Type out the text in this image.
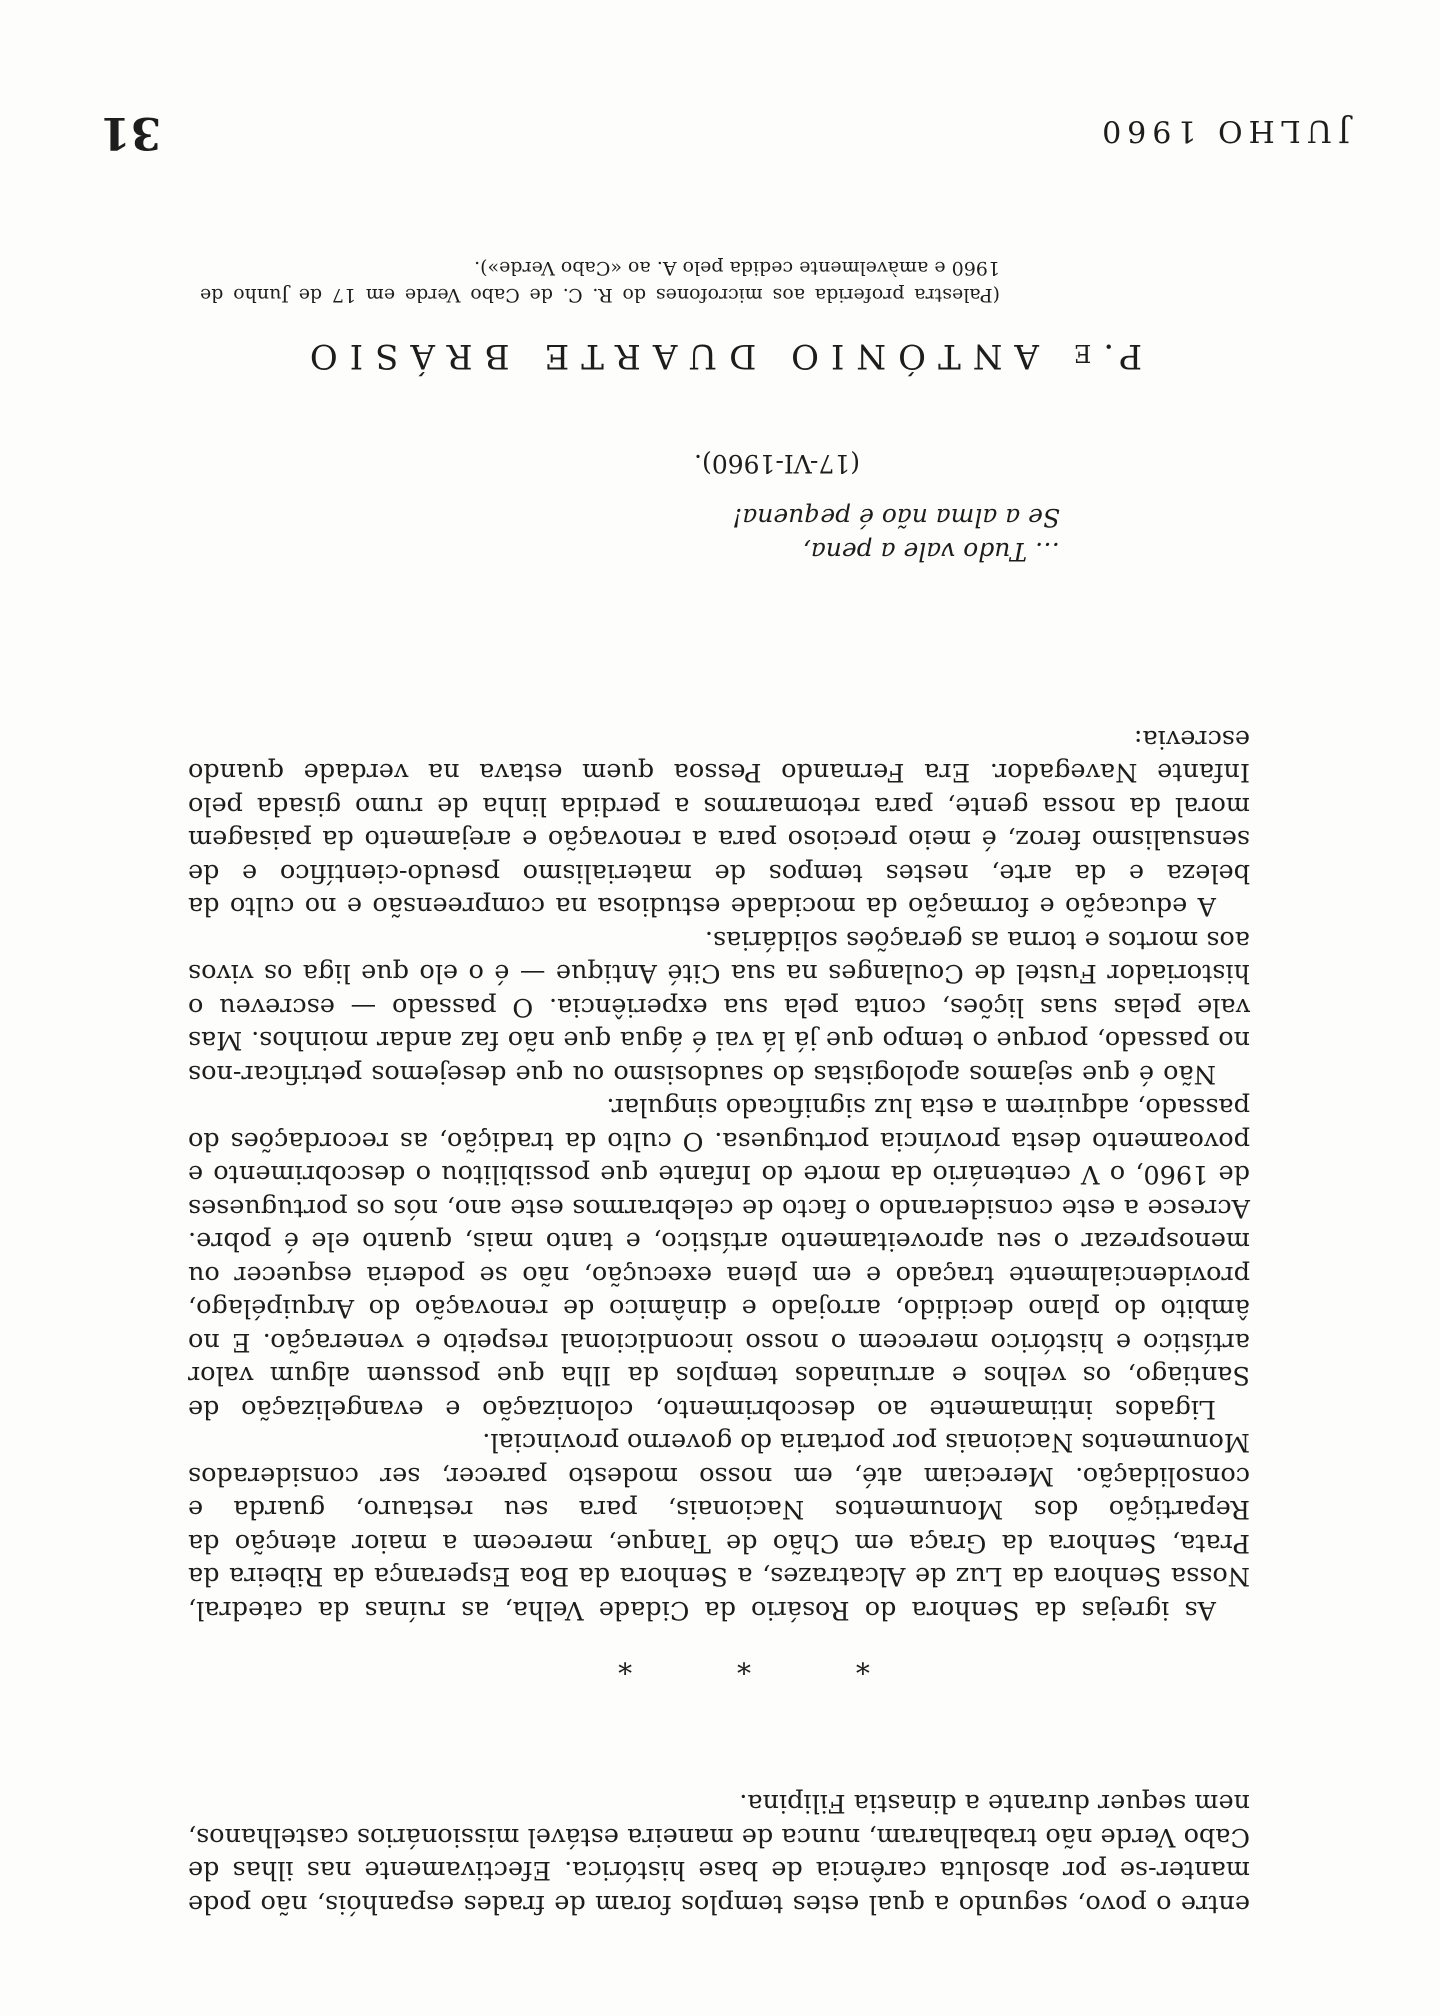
JULHO 1960
31

entre o povo, segundo a qual estes templos foram de frades espanhóis, não pode manter-se por absoluta carência de base histórica. Efectivamente nas ilhas de Cabo Verde não trabalharam, nunca de maneira estável missionários castelhanos, nem sequer durante a dinastia Filipina.

* * *

As igrejas da Senhora do Rosário da Cidade Velha, as ruínas da catedral, Nossa Senhora da Luz de Alcatrazes, a Senhora da Boa Esperança da Ribeira da Prata, Senhora da Graça em Chão de Tanque, merecem a maior atenção da Repartição dos Monumentos Nacionais, para seu restauro, guarda e consolidação. Mereciam até, em nosso modesto parecer, ser considerados Monumentos Nacionais por portaria do governo provincial.

Ligados intimamente ao descobrimento, colonização e evangelização de Santiago, os velhos e arruinados templos da Ilha que possuem algum valor artístico e histórico merecem o nosso incondicional respeito e veneração. E no âmbito do plano decidido, arrojado e dinâmico de renovação do Arquipélago, providencialmente traçado e em plena execução, não se poderia esquecer ou menosprezar o seu aproveitamento artístico, e tanto mais, quanto ele é pobre. Acresce a este considerando o facto de celebrarmos este ano, nós os portugueses de 1960, o V centenário da morte do Infante que possibilitou o descobrimento e povoamento desta província portuguesa. O culto da tradição, as recordações do passado, adquirem a esta luz significado singular.

Não é que sejamos apologistas do saudosismo ou que desejemos petrificar-nos no passado, porque o tempo que já lá vai é água que não faz andar moinhos. Mas vale pelas suas lições, conta pela sua experiência. O passado — escreveu o historiador Fustel de Coulanges na sua Cité Antique — é o elo que liga os vivos aos mortos e torna as gerações solidárias.

A educação e formação da mocidade estudiosa na compreensão e no culto da beleza e da arte, nestes tempos de materialismo pseudo-científico e de sensualismo feroz, é meio precioso para a renovação e arejamento da paisagem moral da nossa gente, para retomarmos a perdida linha de rumo gisada pelo Infante Navegador. Era Fernando Pessoa quem estava na verdade quando escrevia:

… Tudo vale a pena,
Se a alma não é pequena!
(17-VI-1960).
P.e ANTÓNIO DUARTE BRÁSIO
(Palestra proferida aos microfones do R. C. de Cabo Verde em 17 de Junho de 1960 e amàvelmente cedida pelo A. ao «Cabo Verde»).
